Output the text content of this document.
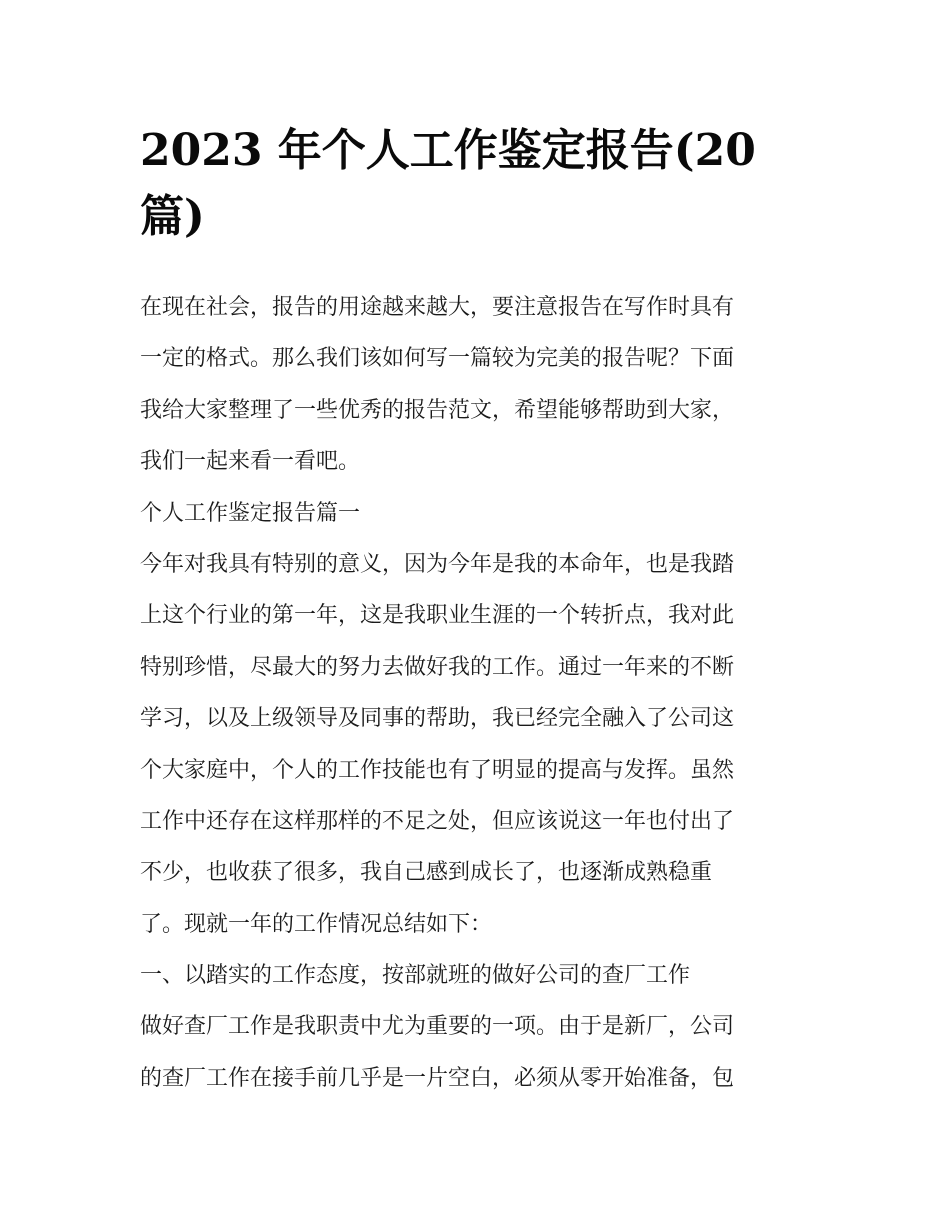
2023 年个人工作鉴定报告(20
篇)
在现在社会，报告的用途越来越大，要注意报告在写作时具有
一定的格式。那么我们该如何写一篇较为完美的报告呢？下面
我给大家整理了一些优秀的报告范文，希望能够帮助到大家，
我们一起来看一看吧。
个人工作鉴定报告篇一
今年对我具有特别的意义，因为今年是我的本命年，也是我踏
上这个行业的第一年，这是我职业生涯的一个转折点，我对此
特别珍惜，尽最大的努力去做好我的工作。通过一年来的不断
学习，以及上级领导及同事的帮助，我已经完全融入了公司这
个大家庭中，个人的工作技能也有了明显的提高与发挥。虽然
工作中还存在这样那样的不足之处，但应该说这一年也付出了
不少，也收获了很多，我自己感到成长了，也逐渐成熟稳重
了。现就一年的工作情况总结如下：
一、以踏实的工作态度，按部就班的做好公司的查厂工作
做好查厂工作是我职责中尤为重要的一项。由于是新厂，公司
的查厂工作在接手前几乎是一片空白，必须从零开始准备，包
